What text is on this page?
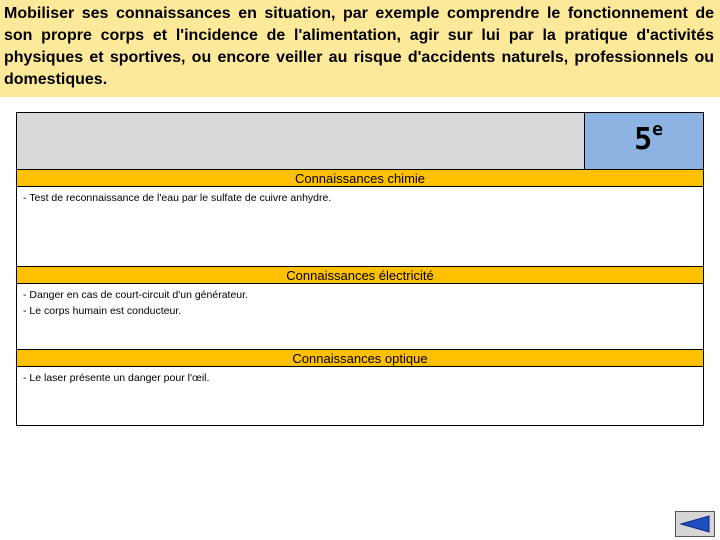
Mobiliser ses connaissances en situation, par exemple comprendre le fonctionnement de son propre corps et l'incidence de l'alimentation, agir sur lui par la pratique d'activités physiques et sportives, ou encore veiller au risque d'accidents naturels, professionnels ou domestiques.

5e
Connaissances chimie
- Test de reconnaissance de l'eau par le sulfate de cuivre anhydre.
Connaissances électricité
- Danger en cas de court-circuit d'un générateur.
- Le corps humain est conducteur.
Connaissances optique
- Le laser présente un danger pour l'œil.
